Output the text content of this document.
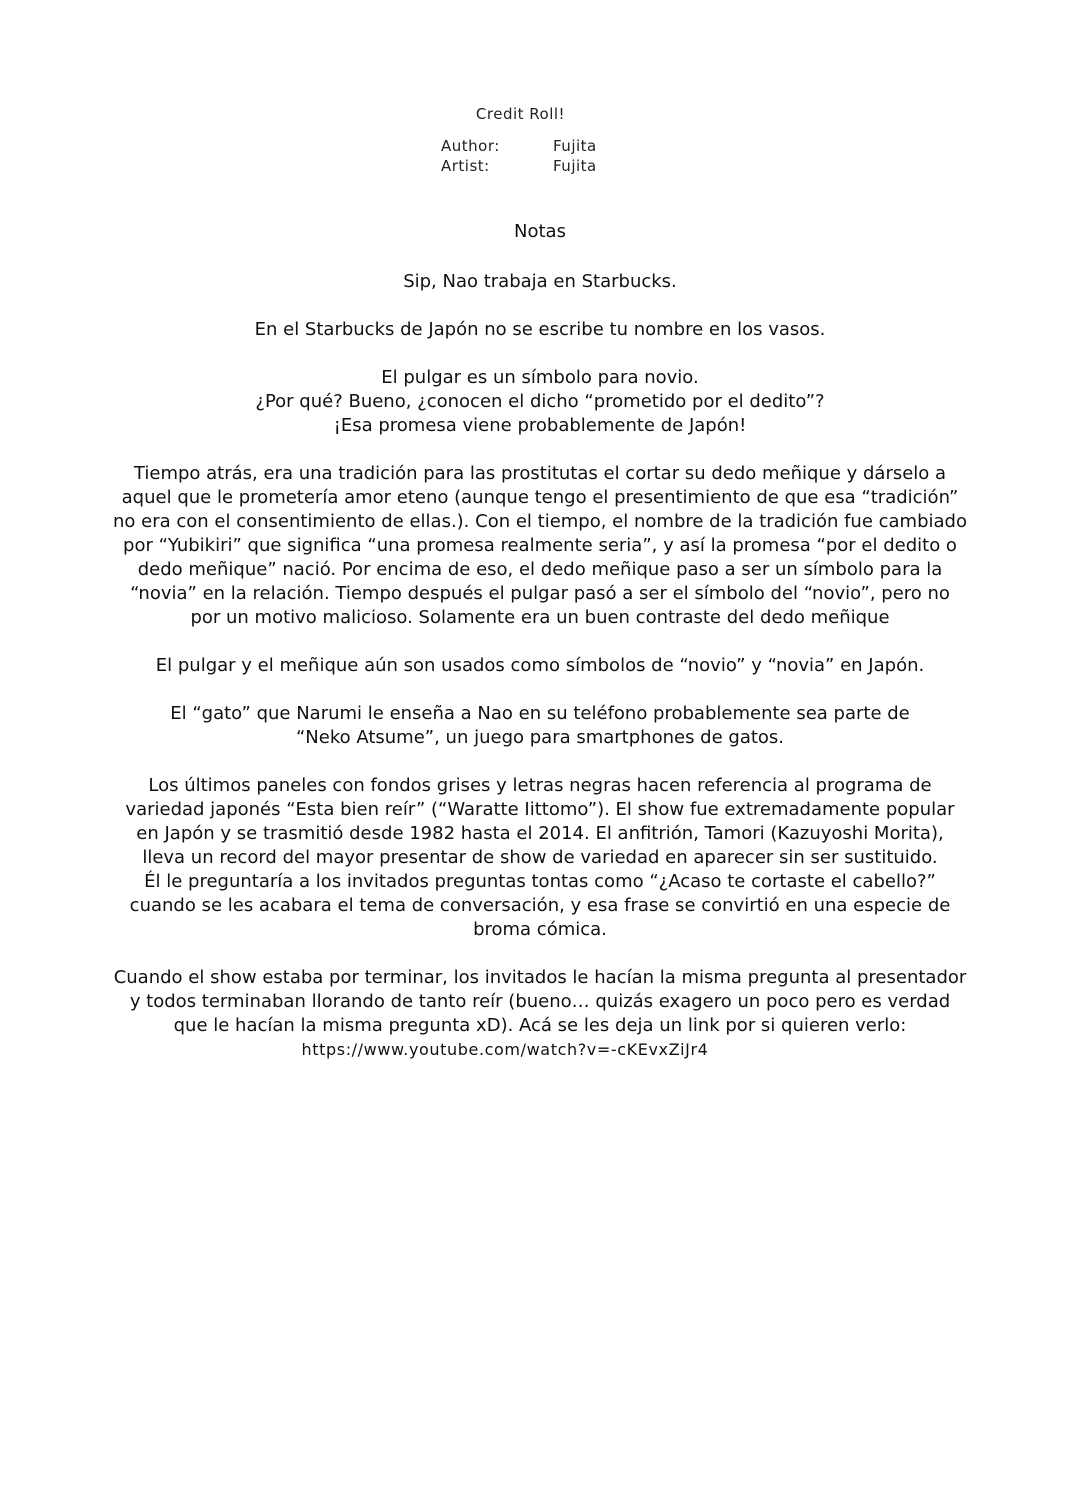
Credit Roll!
Author:	Fujita
Artist:	Fujita
Notas
Sip, Nao trabaja en Starbucks.
En el Starbucks de Japón no se escribe tu nombre en los vasos.
El pulgar es un símbolo para novio.
¿Por qué? Bueno, ¿conocen el dicho “prometido por el dedito”?
¡Esa promesa viene probablemente de Japón!
Tiempo atrás, era una tradición para las prostitutas el cortar su dedo meñique y dárselo a
aquel que le prometería amor eteno (aunque tengo el presentimiento de que esa “tradición”
no era con el consentimiento de ellas.). Con el tiempo, el nombre de la tradición fue cambiado
por “Yubikiri” que significa “una promesa realmente seria”, y así la promesa “por el dedito o
dedo meñique” nació. Por encima de eso, el dedo meñique paso a ser un símbolo para la
“novia” en la relación. Tiempo después el pulgar pasó a ser el símbolo del “novio”, pero no
por un motivo malicioso. Solamente era un buen contraste del dedo meñique
El pulgar y el meñique aún son usados como símbolos de “novio” y “novia” en Japón.
El “gato” que Narumi le enseña a Nao en su teléfono probablemente sea parte de
“Neko Atsume”, un juego para smartphones de gatos.
Los últimos paneles con fondos grises y letras negras hacen referencia al programa de
variedad japonés “Esta bien reír” (“Waratte Iittomo”). El show fue extremadamente popular
en Japón y se trasmitió desde 1982 hasta el 2014. El anfitrión, Tamori (Kazuyoshi Morita),
lleva un record del mayor presentar de show de variedad en aparecer sin ser sustituido.
Él le preguntaría a los invitados preguntas tontas como “¿Acaso te cortaste el cabello?”
cuando se les acabara el tema de conversación, y esa frase se convirtió en una especie de
broma cómica.
Cuando el show estaba por terminar, los invitados le hacían la misma pregunta al presentador
y todos terminaban llorando de tanto reír (bueno… quizás exagero un poco pero es verdad
que le hacían la misma pregunta xD). Acá se les deja un link por si quieren verlo:
https://www.youtube.com/watch?v=-cKEvxZiJr4
